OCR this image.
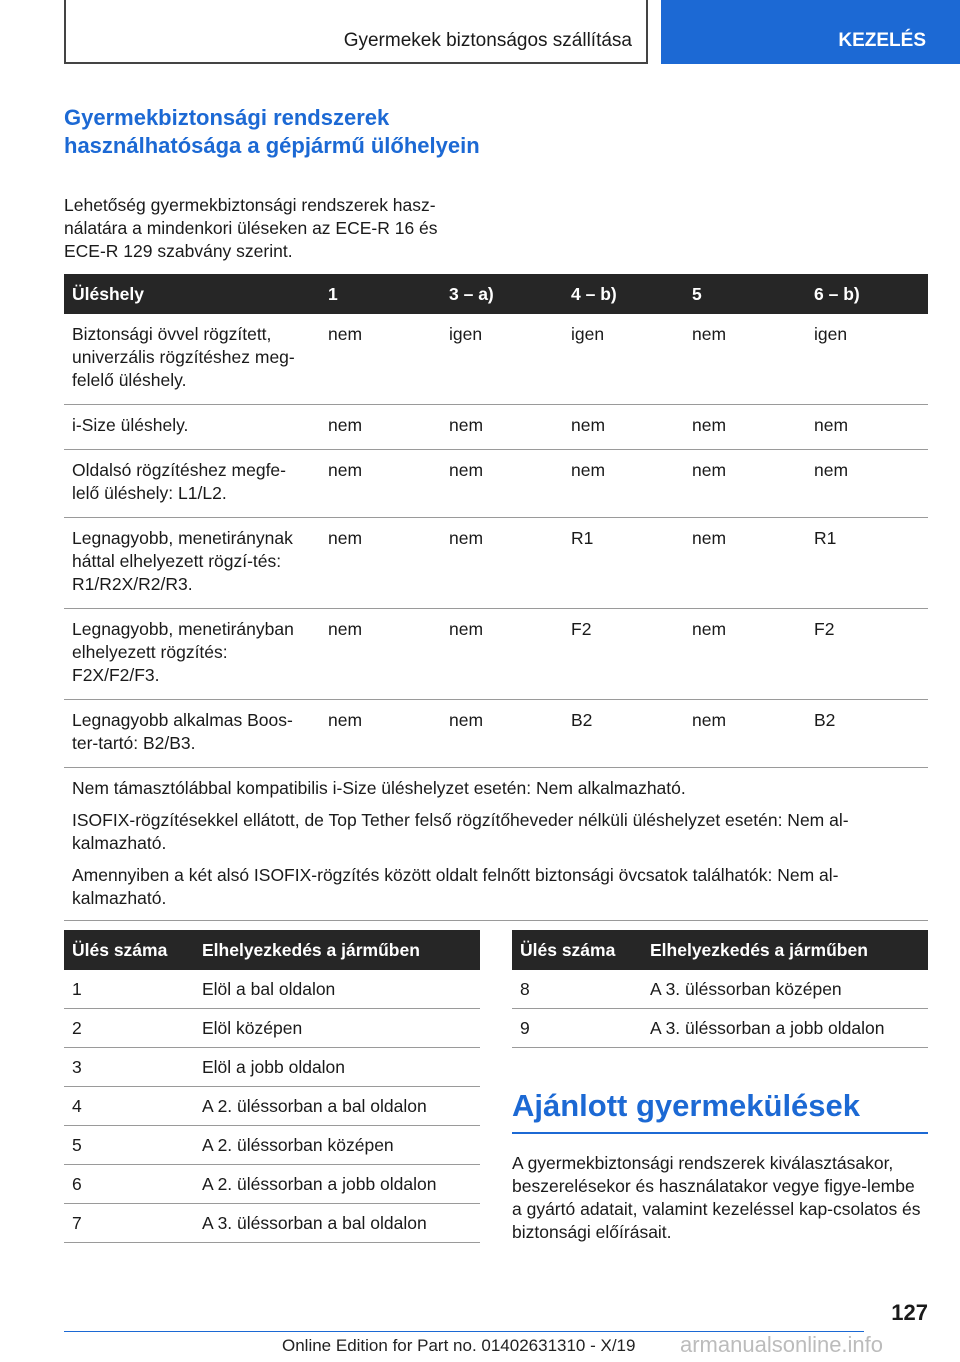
Gyermekek biztonságos szállítása	KEZELÉS
Gyermekbiztonsági rendszerek használhatósága a gépjármű ülőhelyein

Lehetőség gyermekbiztonsági rendszerek hasz-nálatára a mindenkori üléseken az ECE-R 16 és ECE-R 129 szabvány szerint.

Üléshely	1	3 – a)	4 – b)	5	6 – b)
Biztonsági övvel rögzített, univerzális rögzítéshez meg-felelő üléshely.	nem	igen	igen	nem	igen
i-Size üléshely.	nem	nem	nem	nem	nem
Oldalsó rögzítéshez megfe-lelő üléshely: L1/L2.	nem	nem	nem	nem	nem
Legnagyobb, menetiránynak háttal elhelyezett rögzí-tés: R1/R2X/R2/R3.	nem	nem	R1	nem	R1
Legnagyobb, menetirányban elhelyezett rögzítés: F2X/F2/F3.	nem	nem	F2	nem	F2
Legnagyobb alkalmas Boos-ter-tartó: B2/B3.	nem	nem	B2	nem	B2

Nem támasztólábbal kompatibilis i-Size üléshelyzet esetén: Nem alkalmazható.

ISOFIX-rögzítésekkel ellátott, de Top Tether felső rögzítőheveder nélküli üléshelyzet esetén: Nem al-kalmazható.

Amennyiben a két alsó ISOFIX-rögzítés között oldalt felnőtt biztonsági övcsatok találhatók: Nem al-kalmazható.					

Ülés száma	Elhelyezkedés a járműben
1	Elöl a bal oldalon
2	Elöl középen
3	Elöl a jobb oldalon
4	A 2. üléssorban a bal oldalon
5	A 2. üléssorban középen
6	A 2. üléssorban a jobb oldalon
7	A 3. üléssorban a bal oldalon
Ülés száma	Elhelyezkedés a járműben
8	A 3. üléssorban középen
9	A 3. üléssorban a jobb oldalon
Ajánlott gyermekülések

A gyermekbiztonsági rendszerek kiválasztásakor, beszerelésekor és használatakor vegye figye-lembe a gyártó adatait, valamint kezeléssel kap-csolatos és biztonsági előírásait.

127
Online Edition for Part no. 01402631310 - X/19 armanualsonline.info
